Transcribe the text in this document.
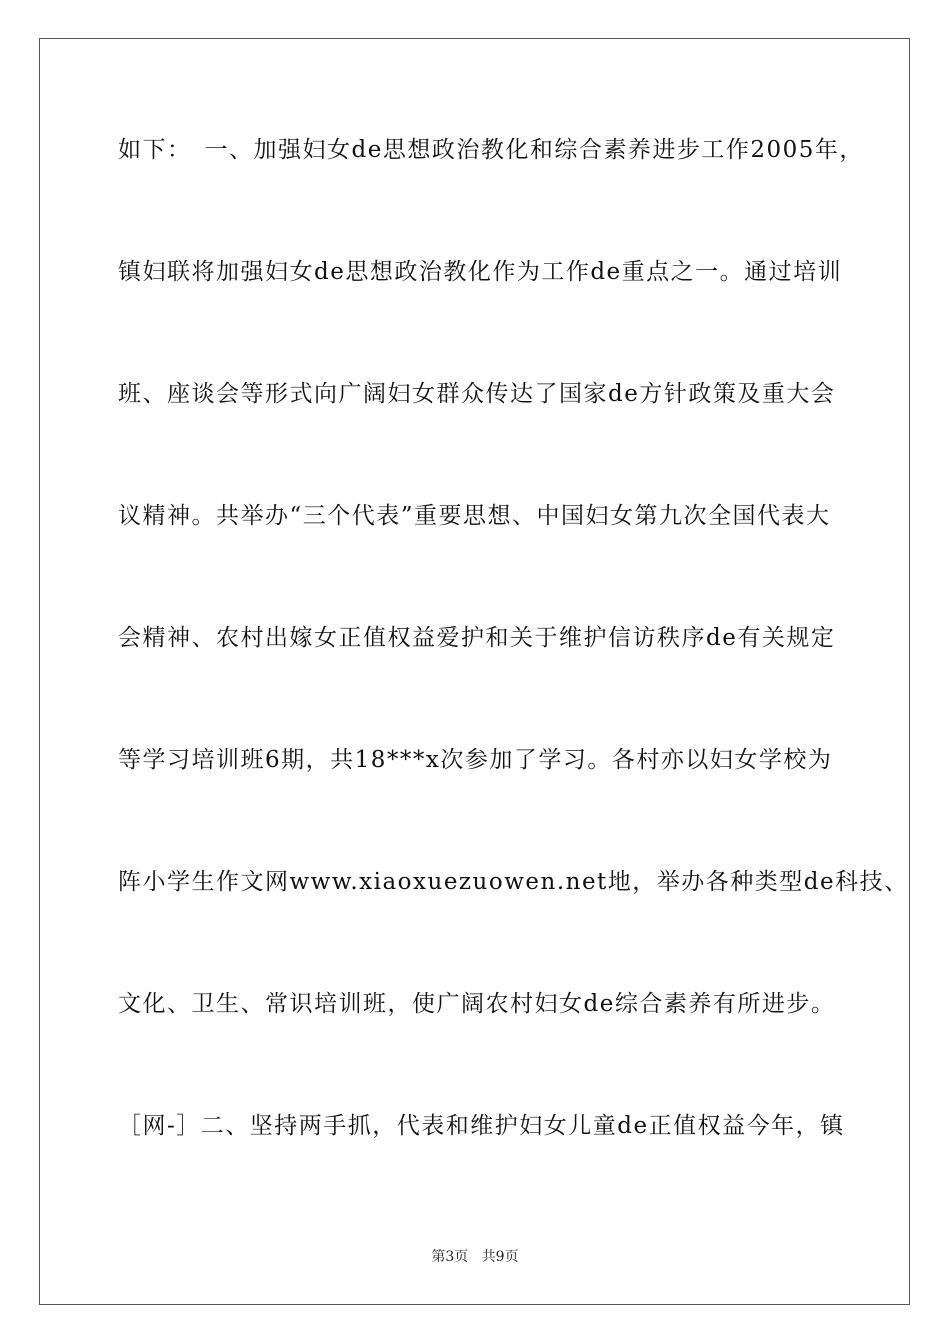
如下：　一、加强妇女de思想政治教化和综合素养进步工作2005年，
镇妇联将加强妇女de思想政治教化作为工作de重点之一。通过培训
班、座谈会等形式向广阔妇女群众传达了国家de方针政策及重大会
议精神。共举办“三个代表”重要思想、中国妇女第九次全国代表大
会精神、农村出嫁女正值权益爱护和关于维护信访秩序de有关规定
等学习培训班6期，共18***x次参加了学习。各村亦以妇女学校为
阵小学生作文网www.xiaoxuezuowen.net地，举办各种类型de科技、
文化、卫生、常识培训班，使广阔农村妇女de综合素养有所进步。
［网-］二、坚持两手抓，代表和维护妇女儿童de正值权益今年，镇
第3页 共9页
